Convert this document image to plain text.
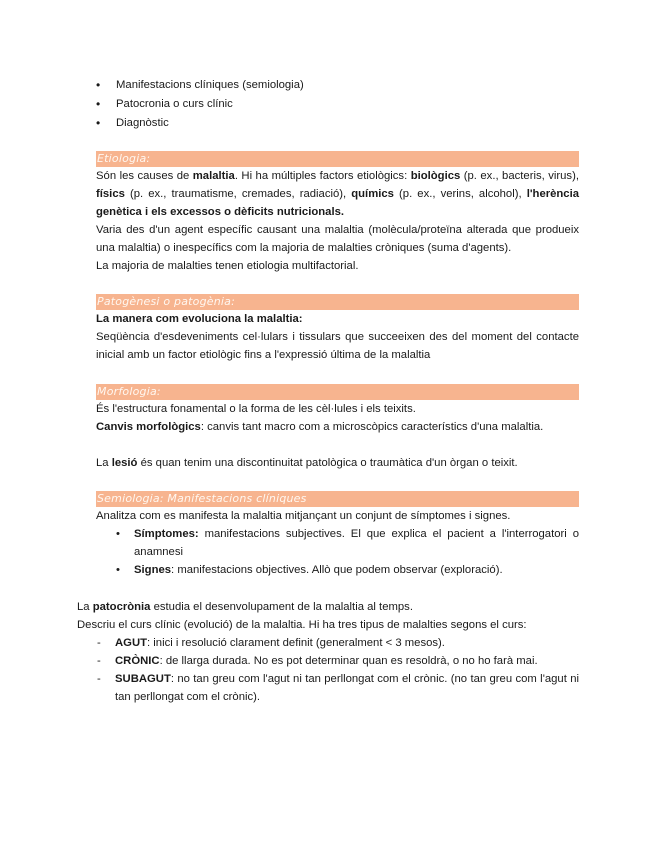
• Manifestacions clíniques (semiologia)
• Patocronia o curs clínic
• Diagnòstic
Etiologia:

Són les causes de malaltia. Hi ha múltiples factors etiològics: biològics (p. ex., bacteris, virus), físics (p. ex., traumatisme, cremades, radiació), químics (p. ex., verins, alcohol), l'herència genètica i els excessos o dèficits nutricionals.

Varia des d'un agent específic causant una malaltia (molècula/proteïna alterada que produeix una malaltia) o inespecífics com la majoria de malalties cròniques (suma d'agents).

La majoria de malalties tenen etiologia multifactorial.

Patogènesi o patogènia:

La manera com evoluciona la malaltia:

Seqüència d'esdeveniments cel·lulars i tissulars que succeeixen des del moment del contacte inicial amb un factor etiològic fins a l'expressió última de la malaltia

Morfologia:

És l'estructura fonamental o la forma de les cèl·lules i els teixits.

Canvis morfològics: canvis tant macro com a microscòpics característics d'una malaltia.

La lesió és quan tenim una discontinuitat patològica o traumàtica d'un òrgan o teixit.

Semiologia: Manifestacions clíniques

Analitza com es manifesta la malaltia mitjançant un conjunt de símptomes i signes.

• Símptomes: manifestacions subjectives. El que explica el pacient a l'interrogatori o anamnesi
• Signes: manifestacions objectives. Allò que podem observar (exploració).

La patocrònia estudia el desenvolupament de la malaltia al temps.

Descriu el curs clínic (evolució) de la malaltia. Hi ha tres tipus de malalties segons el curs:

- AGUT: inici i resolució clarament definit (generalment < 3 mesos).
- CRÒNIC: de llarga durada. No es pot determinar quan es resoldrà, o no ho farà mai.
- SUBAGUT: no tan greu com l'agut ni tan perllongat com el crònic. (no tan greu com l'agut ni tan perllongat com el crònic).
